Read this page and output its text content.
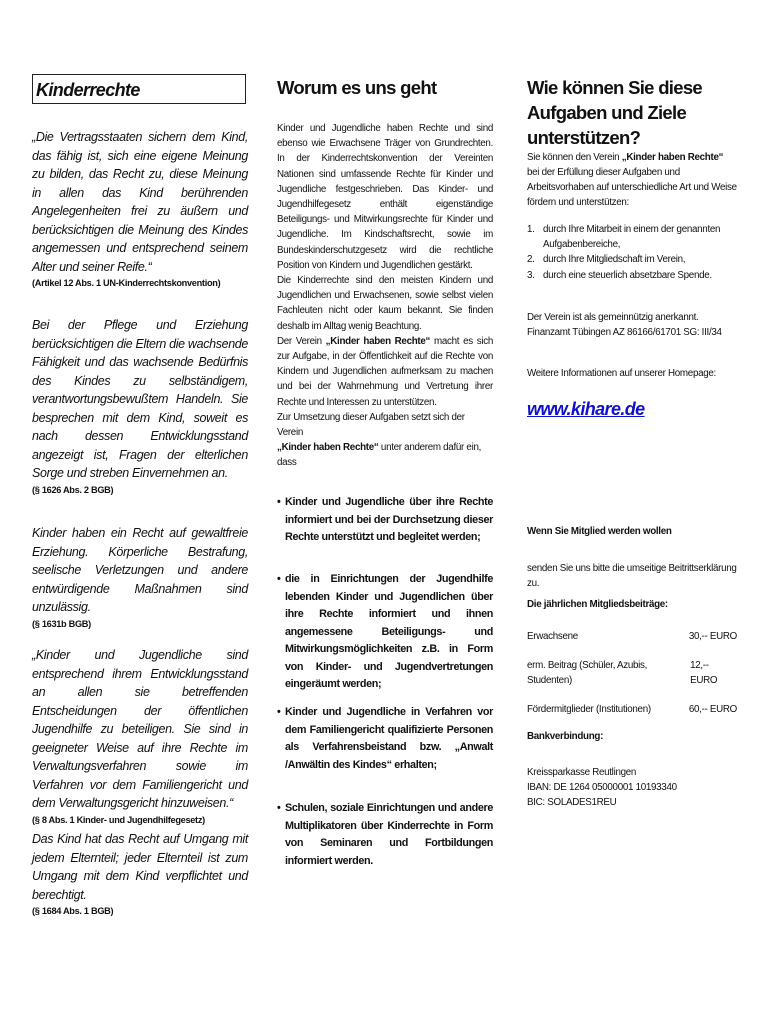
Kinderrechte

„Die Vertragsstaaten sichern dem Kind, das fähig ist, sich eine eigene Meinung zu bilden, das Recht zu, diese Meinung in allen das Kind berührenden Angelegenheiten frei zu äußern und berücksichtigen die Meinung des Kindes angemessen und entsprechend seinem Alter und seiner Reife.“

(Artikel 12 Abs. 1 UN-Kinderrechtskonvention)

Bei der Pflege und Erziehung berücksichtigen die Eltern die wachsende Fähigkeit und das wachsende Bedürfnis des Kindes zu selbständigem, verantwortungsbewußtem Handeln. Sie besprechen mit dem Kind, soweit es nach dessen Entwicklungsstand angezeigt ist, Fragen der elterlichen Sorge und streben Einvernehmen an.

(§ 1626 Abs. 2 BGB)

Kinder haben ein Recht auf gewaltfreie Erziehung. Körperliche Bestrafung, seelische Verletzungen und andere entwürdigende Maßnahmen sind unzulässig.

(§ 1631b BGB)

„Kinder und Jugendliche sind entsprechend ihrem Entwicklungsstand an allen sie betreffenden Entscheidungen der öffentlichen Jugendhilfe zu beteiligen. Sie sind in geeigneter Weise auf ihre Rechte im Verwaltungsverfahren sowie im Verfahren vor dem Familiengericht und dem Verwaltungsgericht hinzuweisen.“

(§ 8 Abs. 1 Kinder- und Jugendhilfegesetz)

Das Kind hat das Recht auf Umgang mit jedem Elternteil; jeder Elternteil ist zum Umgang mit dem Kind verpflichtet und berechtigt.

(§ 1684 Abs. 1 BGB)

Worum es uns geht

Kinder und Jugendliche haben Rechte und sind ebenso wie Erwachsene Träger von Grundrechten. In der Kinderrechtskonvention der Vereinten Nationen sind umfassende Rechte für Kinder und Jugendliche festgeschrieben. Das Kinder- und Jugendhilfegesetz enthält eigenständige Beteiligungs- und Mitwirkungsrechte für Kinder und Jugendliche. Im Kindschaftsrecht, sowie im Bundeskinderschutzgesetz wird die rechtliche Position von Kindern und Jugendlichen gestärkt.

Die Kinderrechte sind den meisten Kindern und Jugendlichen und Erwachsenen, sowie selbst vielen Fachleuten nicht oder kaum bekannt. Sie finden deshalb im Alltag wenig Beachtung.

Der Verein „Kinder haben Rechte“ macht es sich zur Aufgabe, in der Öffentlichkeit auf die Rechte von Kindern und Jugendlichen aufmerksam zu machen und bei der Wahrnehmung und Vertretung ihrer Rechte und Interessen zu unterstützen.

Zur Umsetzung dieser Aufgaben setzt sich der Verein

„Kinder haben Rechte“ unter anderem dafür ein, dass

• Kinder und Jugendliche über ihre Rechte informiert und bei der Durchsetzung dieser Rechte unterstützt und begleitet werden;
• die in Einrichtungen der Jugendhilfe lebenden Kinder und Jugendlichen über ihre Rechte informiert und ihnen angemessene Beteiligungs- und Mitwirkungsmöglichkeiten z.B. in Form von Kinder- und Jugendvertretungen eingeräumt werden;
• Kinder und Jugendliche in Verfahren vor dem Familiengericht qualifizierte Personen als Verfahrensbeistand bzw. „Anwalt /Anwältin des Kindes“ erhalten;
• Schulen, soziale Einrichtungen und andere Multiplikatoren über Kinderrechte in Form von Seminaren und Fortbildungen informiert werden.
Wie können Sie diese Aufgaben und Ziele unterstützen?

Sie können den Verein „Kinder haben Rechte“ bei der Erfüllung dieser Aufgaben und Arbeitsvorhaben auf unterschiedliche Art und Weise fördern und unterstützen:

1. durch Ihre Mitarbeit in einem der genannten Aufgabenbereiche,
2. durch Ihre Mitgliedschaft im Verein,
3. durch eine steuerlich absetzbare Spende.

Der Verein ist als gemeinnützig anerkannt. Finanzamt Tübingen AZ 86166/61701 SG: III/34

Weitere Informationen auf unserer Homepage:

www.kihare.de

Wenn Sie Mitglied werden wollen

senden Sie uns bitte die umseitige Beitrittserklärung zu.

Die jährlichen Mitgliedsbeiträge:

Erwachsene	30,-- EURO
erm. Beitrag (Schüler, Azubis, Studenten)
12,-- EURO
Fördermitglieder (Institutionen)	60,-- EURO

Bankverbindung:

Kreissparkasse Reutlingen

IBAN: DE 1264 05000001 10193340

BIC: SOLADES1REU
